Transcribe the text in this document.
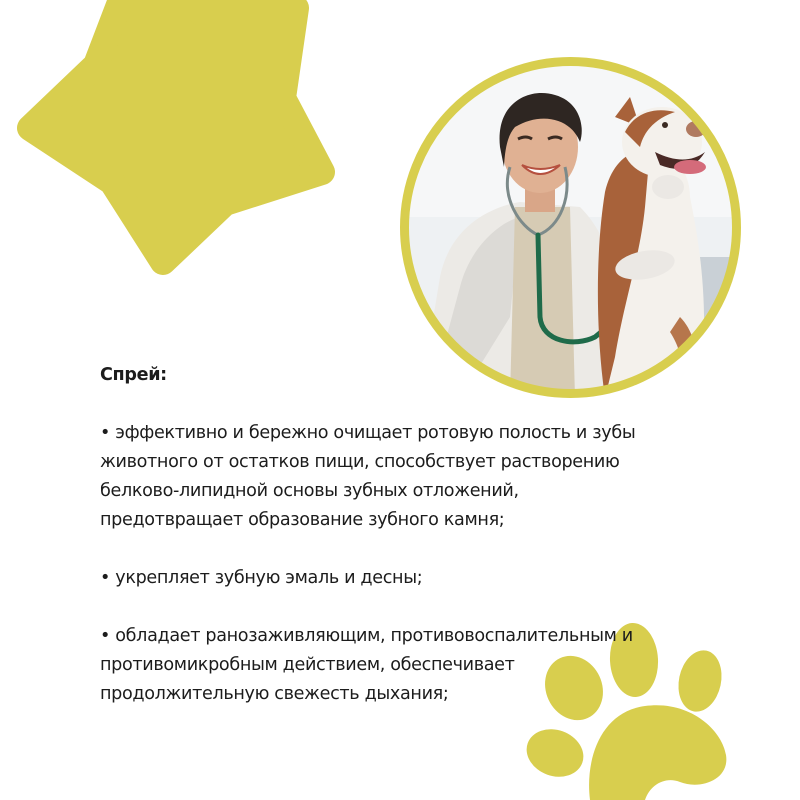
Спрей:
• эффективно и бережно очищает ротовую полость и зубы
животного от остатков пищи, способствует растворению
белково-липидной основы зубных отложений,
предотвращает образование зубного камня;
• укрепляет зубную эмаль и десны;
• обладает ранозаживляющим, противовоспалительным и
противомикробным действием, обеспечивает
продолжительную свежесть дыхания;
